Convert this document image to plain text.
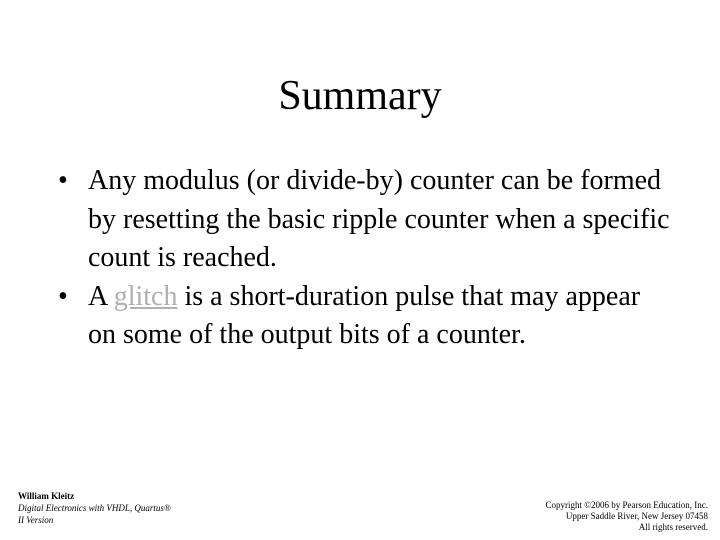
Summary
• Any modulus (or divide-by) counter can be formed by resetting the basic ripple counter when a specific count is reached.
• A glitch is a short-duration pulse that may appear on some of the output bits of a counter.
William Kleitz
Digital Electronics with VHDL, Quartus®
II Version
Copyright ©2006 by Pearson Education, Inc.
Upper Saddle River, New Jersey 07458
All rights reserved.
